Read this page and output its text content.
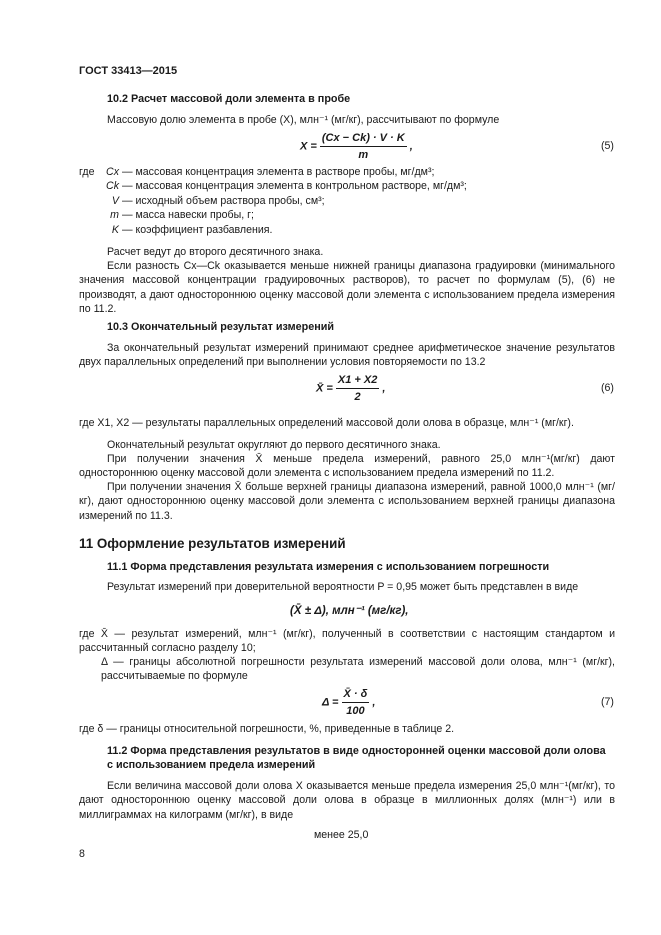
ГОСТ 33413—2015
10.2 Расчет массовой доли элемента в пробе
Массовую долю элемента в пробе (X), млн⁻¹ (мг/кг), рассчитывают по формуле
$X = \frac{(Cx - Ck) \cdot V \cdot K}{m}$ ,	(5)
где	Cx — массовая концентрация элемента в растворе пробы, мг/дм³;
Ck — массовая концентрация элемента в контрольном растворе, мг/дм³;
V — исходный объем раствора пробы, см³;
m — масса навески пробы, г;
K — коэффициент разбавления.
Расчет ведут до второго десятичного знака.
Если разность Cx—Ck оказывается меньше нижней границы диапазона градуировки (минимального значения массовой концентрации градуировочных растворов), то расчет по формулам (5), (6) не производят, а дают одностороннюю оценку массовой доли элемента с использованием предела измерения по 11.2.
10.3 Окончательный результат измерений
За окончательный результат измерений принимают среднее арифметическое значение результатов двух параллельных определений при выполнении условия повторяемости по 13.2
X̄ = $\frac{X1 + X2}{2}$ ,	(6)
где X1, X2 — результаты параллельных определений массовой доли олова в образце, млн⁻¹ (мг/кг).
Окончательный результат округляют до первого десятичного знака.
При получении значения X̄ меньше предела измерений, равного 25,0 млн⁻¹(мг/кг) дают одностороннюю оценку массовой доли элемента с использованием предела измерений по 11.2.
При получении значения X̄ больше верхней границы диапазона измерений, равной 1000,0 млн⁻¹ (мг/кг), дают одностороннюю оценку массовой доли элемента с использованием верхней границы диапазона измерений по 11.3.
11 Оформление результатов измерений
11.1 Форма представления результата измерения с использованием погрешности
Результат измерений при доверительной вероятности P = 0,95 может быть представлен в виде
(X̄ ± Δ), млн⁻¹ (мг/кг),
где X̄ — результат измерений, млн⁻¹ (мг/кг), полученный в соответствии с настоящим стандартом и рассчитанный согласно разделу 10;
Δ — границы абсолютной погрешности результата измерений массовой доли олова, млн⁻¹ (мг/кг), рассчитываемые по формуле
$\Delta = \frac{X̄ \cdot \delta}{100}$ ,	(7)
где δ — границы относительной погрешности, %, приведенные в таблице 2.
11.2 Форма представления результатов в виде односторонней оценки массовой доли олова с использованием предела измерений
Если величина массовой доли олова X оказывается меньше предела измерения 25,0 млн⁻¹(мг/кг), то дают одностороннюю оценку массовой доли олова в образце в миллионных долях (млн⁻¹) или в миллиграммах на килограмм (мг/кг), в виде
менее 25,0
8
